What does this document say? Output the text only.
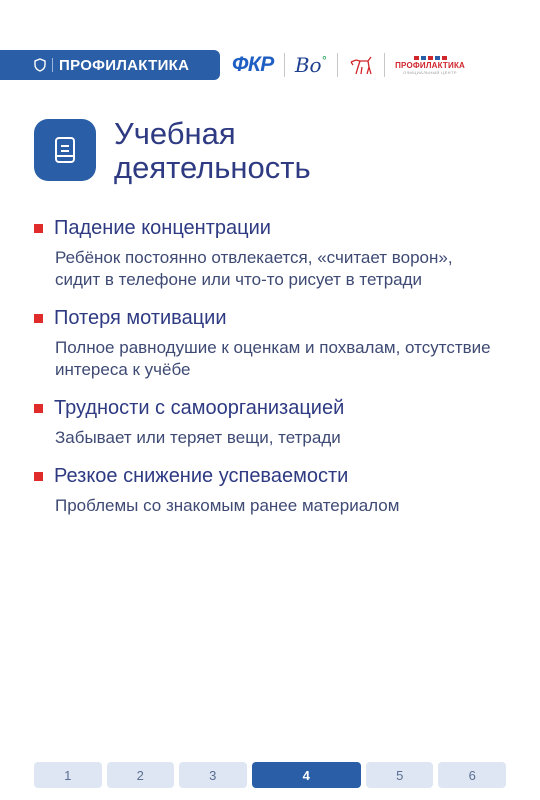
ПРОФИЛАКТИКА ФКР Во°	ПРОФИЛАКТИКА
ОФИЦИАЛЬНЫЙ ЦЕНТР
Учебная
деятельность
Падение концентрации

Ребёнок постоянно отвлекается, «считает ворон», сидит в телефоне или что-то рисует в тетради

Потеря мотивации

Полное равнодушие к оценкам и похвалам, отсутствие интереса к учёбе

Трудности с самоорганизацией

Забывает или теряет вещи, тетради

Резкое снижение успеваемости

Проблемы со знакомым ранее материалом

1	2	3	4	5	6
